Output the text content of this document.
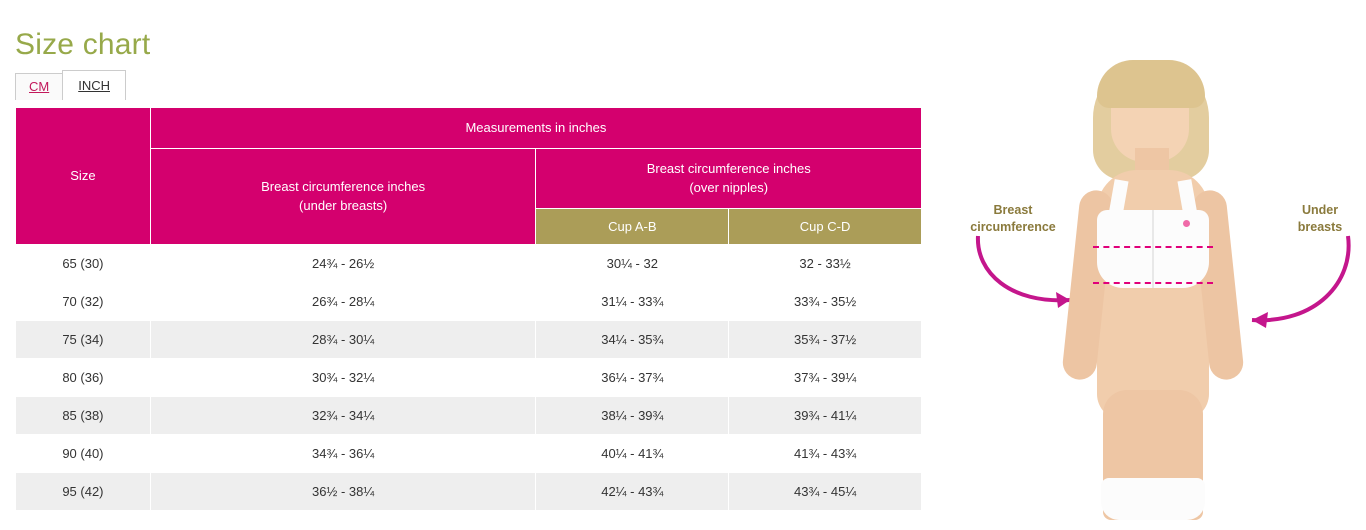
Size chart
CM	INCH
Size	Measurements in inches		

Breast circumference inches
(under breasts)

Breast circumference inches
(over nipples)

		Cup A-B	Cup C-D
65 (30)	24¾ - 26½	30¼ - 32	32 - 33½
70 (32)	26¾ - 28¼	31¼ - 33¾	33¾ - 35½
75 (34)	28¾ - 30¼	34¼ - 35¾	35¾ - 37½
80 (36)	30¾ - 32¼	36¼ - 37¾	37¾ - 39¼
85 (38)	32¾ - 34¼	38¼ - 39¾	39¾ - 41¼
90 (40)	34¾ - 36¼	40¼ - 41¾	41¾ - 43¾
95 (42)	36½ - 38¼	42¼ - 43¾	43¾ - 45¼
Breast
circumference
Under
breasts
